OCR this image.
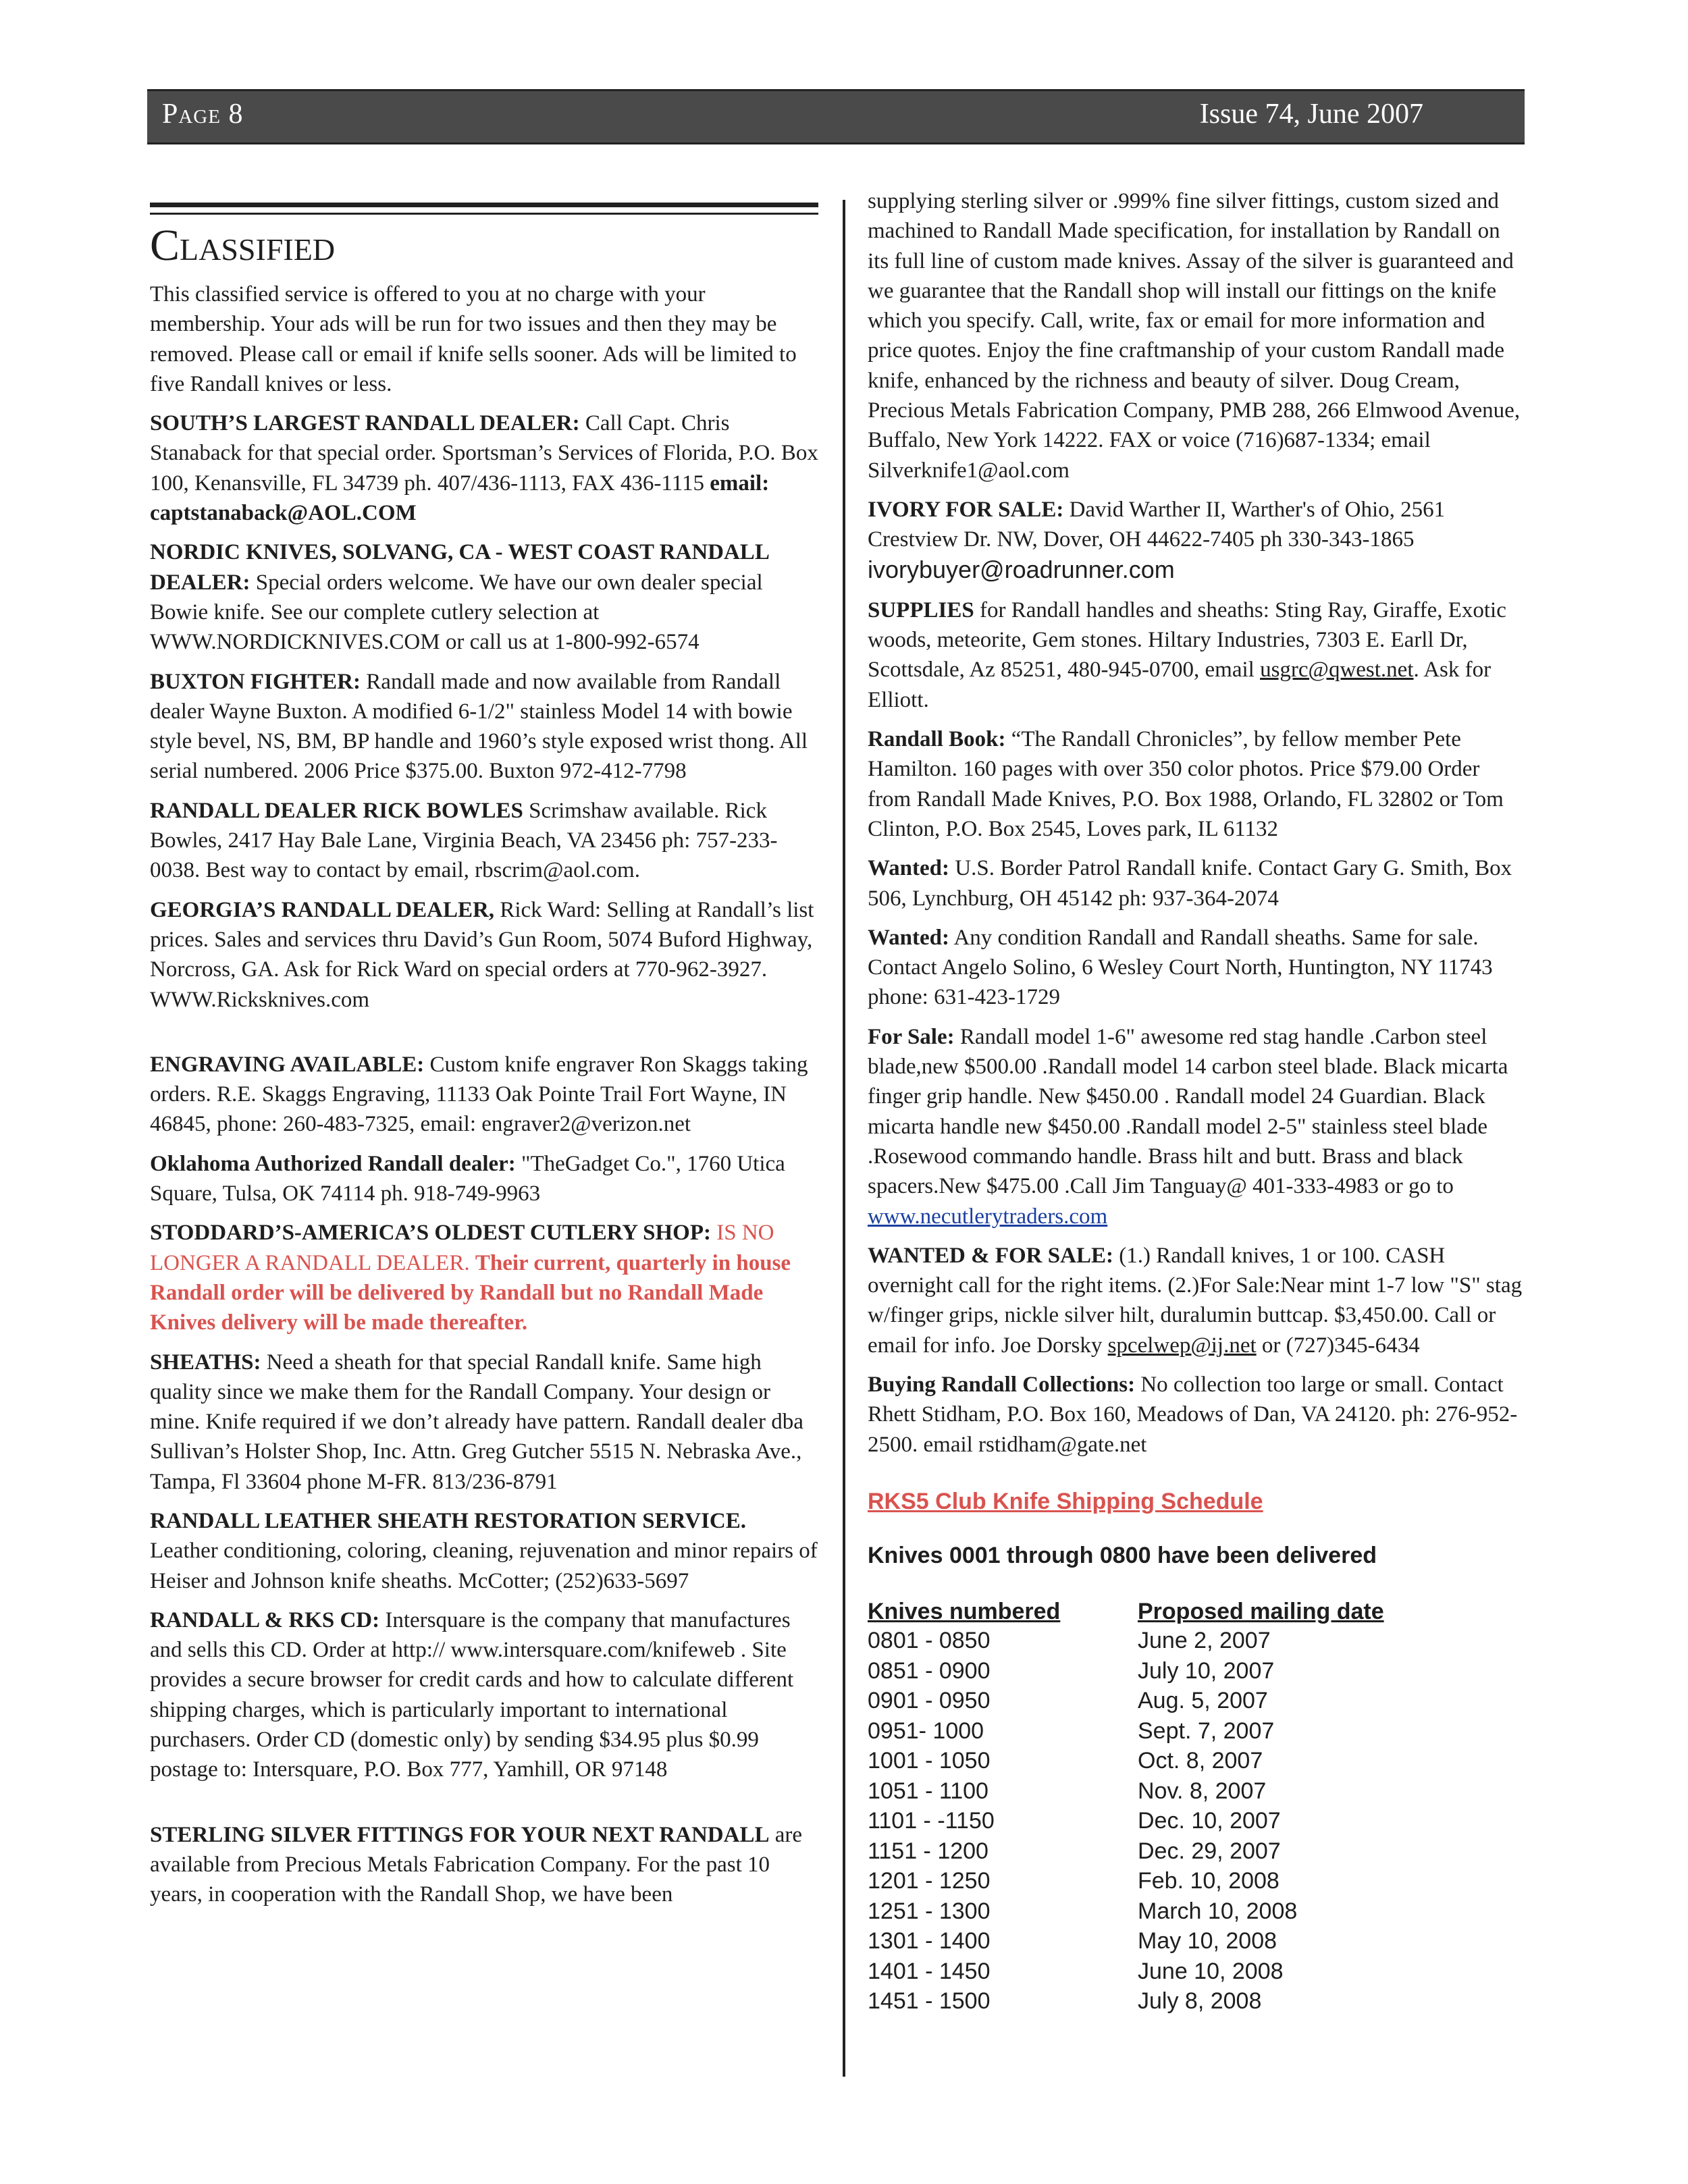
Page 8	Issue 74, June 2007
Classified

This classified service is offered to you at no charge with your membership. Your ads will be run for two issues and then they may be removed. Please call or email if knife sells sooner. Ads will be limited to five Randall knives or less.

SOUTH’S LARGEST RANDALL DEALER: Call Capt. Chris Stanaback for that special order. Sportsman’s Services of Florida, P.O. Box 100, Kenansville, FL 34739 ph. 407/436-1113, FAX 436-1115 email: captstanaback@AOL.COM

NORDIC KNIVES, SOLVANG, CA - WEST COAST RANDALL DEALER: Special orders welcome. We have our own dealer special Bowie knife. See our complete cutlery selection at WWW.NORDICKNIVES.COM or call us at 1-800-992-6574

BUXTON FIGHTER: Randall made and now available from Randall dealer Wayne Buxton. A modified 6-1/2" stainless Model 14 with bowie style bevel, NS, BM, BP handle and 1960’s style exposed wrist thong. All serial numbered. 2006 Price $375.00. Buxton 972-412-7798

RANDALL DEALER RICK BOWLES Scrimshaw available. Rick Bowles, 2417 Hay Bale Lane, Virginia Beach, VA 23456 ph: 757-233-0038. Best way to contact by email, rbscrim@aol.com.

GEORGIA’S RANDALL DEALER, Rick Ward: Selling at Randall’s list prices. Sales and services thru David’s Gun Room, 5074 Buford Highway, Norcross, GA. Ask for Rick Ward on special orders at 770-962-3927. WWW.Ricksknives.com

ENGRAVING AVAILABLE: Custom knife engraver Ron Skaggs taking orders. R.E. Skaggs Engraving, 11133 Oak Pointe Trail Fort Wayne, IN 46845, phone: 260-483-7325, email: engraver2@verizon.net

Oklahoma Authorized Randall dealer: "TheGadget Co.", 1760 Utica Square, Tulsa, OK 74114 ph. 918-749-9963

STODDARD’S-AMERICA’S OLDEST CUTLERY SHOP: IS NO LONGER A RANDALL DEALER. Their current, quarterly in house Randall order will be delivered by Randall but no Randall Made Knives delivery will be made thereafter.

SHEATHS: Need a sheath for that special Randall knife. Same high quality since we make them for the Randall Company. Your design or mine. Knife required if we don’t already have pattern. Randall dealer dba Sullivan’s Holster Shop, Inc. Attn. Greg Gutcher 5515 N. Nebraska Ave., Tampa, Fl 33604 phone M-FR. 813/236-8791

RANDALL LEATHER SHEATH RESTORATION SERVICE. Leather conditioning, coloring, cleaning, rejuvenation and minor repairs of Heiser and Johnson knife sheaths. McCotter; (252)633-5697

RANDALL & RKS CD: Intersquare is the company that manufactures and sells this CD. Order at http:// www.intersquare.com/knifeweb . Site provides a secure browser for credit cards and how to calculate different shipping charges, which is particularly important to international purchasers. Order CD (domestic only) by sending $34.95 plus $0.99 postage to: Intersquare, P.O. Box 777, Yamhill, OR 97148

STERLING SILVER FITTINGS FOR YOUR NEXT RANDALL are available from Precious Metals Fabrication Company. For the past 10 years, in cooperation with the Randall Shop, we have been

supplying sterling silver or .999% fine silver fittings, custom sized and machined to Randall Made specification, for installation by Randall on its full line of custom made knives. Assay of the silver is guaranteed and we guarantee that the Randall shop will install our fittings on the knife which you specify. Call, write, fax or email for more information and price quotes. Enjoy the fine craftmanship of your custom Randall made knife, enhanced by the richness and beauty of silver. Doug Cream, Precious Metals Fabrication Company, PMB 288, 266 Elmwood Avenue, Buffalo, New York 14222. FAX or voice (716)687-1334; email Silverknife1@aol.com

IVORY FOR SALE: David Warther II, Warther's of Ohio, 2561 Crestview Dr. NW, Dover, OH 44622-7405 ph 330-343-1865
ivorybuyer@roadrunner.com

SUPPLIES for Randall handles and sheaths: Sting Ray, Giraffe, Exotic woods, meteorite, Gem stones. Hiltary Industries, 7303 E. Earll Dr, Scottsdale, Az 85251, 480-945-0700, email usgrc@qwest.net. Ask for Elliott.

Randall Book: “The Randall Chronicles”, by fellow member Pete Hamilton. 160 pages with over 350 color photos. Price $79.00 Order from Randall Made Knives, P.O. Box 1988, Orlando, FL 32802 or Tom Clinton, P.O. Box 2545, Loves park, IL 61132

Wanted: U.S. Border Patrol Randall knife. Contact Gary G. Smith, Box 506, Lynchburg, OH 45142 ph: 937-364-2074

Wanted: Any condition Randall and Randall sheaths. Same for sale. Contact Angelo Solino, 6 Wesley Court North, Huntington, NY 11743 phone: 631-423-1729

For Sale: Randall model 1-6" awesome red stag handle .Carbon steel blade,new $500.00 .Randall model 14 carbon steel blade. Black micarta finger grip handle. New $450.00 . Randall model 24 Guardian. Black micarta handle new $450.00 .Randall model 2-5" stainless steel blade .Rosewood commando handle. Brass hilt and butt. Brass and black spacers.New $475.00 .Call Jim Tanguay@ 401-333-4983 or go to www.necutlerytraders.com

WANTED & FOR SALE: (1.) Randall knives, 1 or 100. CASH overnight call for the right items. (2.)For Sale:Near mint 1-7 low "S" stag w/finger grips, nickle silver hilt, duralumin buttcap. $3,450.00. Call or email for info. Joe Dorsky spcelwep@ij.net or (727)345-6434

Buying Randall Collections: No collection too large or small. Contact Rhett Stidham, P.O. Box 160, Meadows of Dan, VA 24120. ph: 276-952-2500. email rstidham@gate.net

RKS5 Club Knife Shipping Schedule
Knives 0001 through 0800 have been delivered
Knives numbered	Proposed mailing date
0801 - 0850	June 2, 2007
0851 - 0900	July 10, 2007
0901 - 0950	Aug. 5, 2007
0951- 1000	Sept. 7, 2007
1001 - 1050	Oct. 8, 2007
1051 - 1100	Nov. 8, 2007
1101 - -1150	Dec. 10, 2007
1151 - 1200	Dec. 29, 2007
1201 - 1250	Feb. 10, 2008
1251 - 1300	March 10, 2008
1301 - 1400	May 10, 2008
1401 - 1450	June 10, 2008
1451 - 1500	July 8, 2008
